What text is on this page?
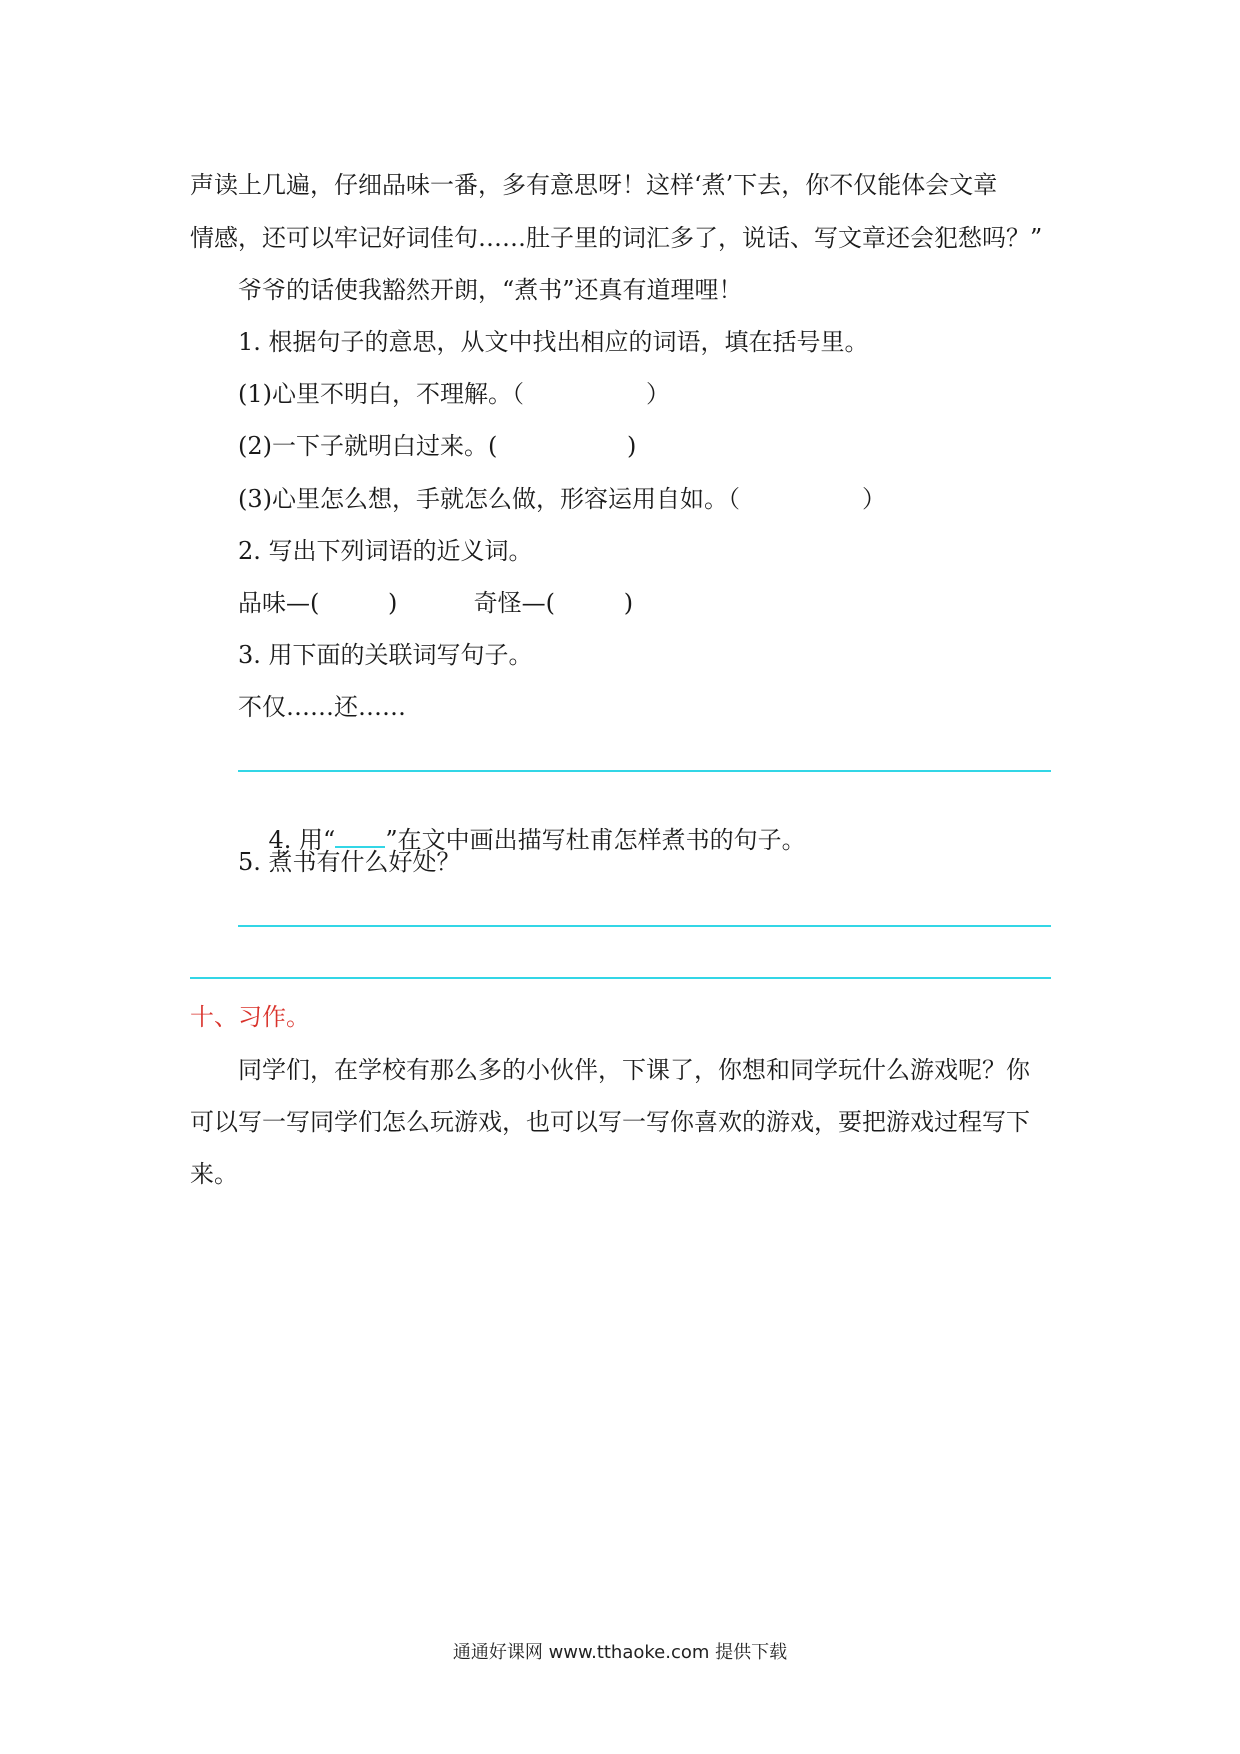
声读上几遍，仔细品味一番，多有意思呀！这样‘煮’下去，你不仅能体会文章
情感，还可以牢记好词佳句……肚子里的词汇多了，说话、写文章还会犯愁吗？”
爷爷的话使我豁然开朗，“煮书”还真有道理哩！
1. 根据句子的意思，从文中找出相应的词语，填在括号里。
(1)心里不明白，不理解。（                ）
(2)一下子就明白过来。(                 )
(3)心里怎么想，手就怎么做，形容运用自如。（                ）
2. 写出下列词语的近义词。
品味—(         )          奇怪—(         )
3. 用下面的关联词写句子。
不仅……还……

4. 用“ ”在文中画出描写杜甫怎样煮书的句子。

5. 煮书有什么好处？
十、习作。
同学们，在学校有那么多的小伙伴，下课了，你想和同学玩什么游戏呢？你
可以写一写同学们怎么玩游戏，也可以写一写你喜欢的游戏，要把游戏过程写下
来。
通通好课网 www.tthaoke.com 提供下载
